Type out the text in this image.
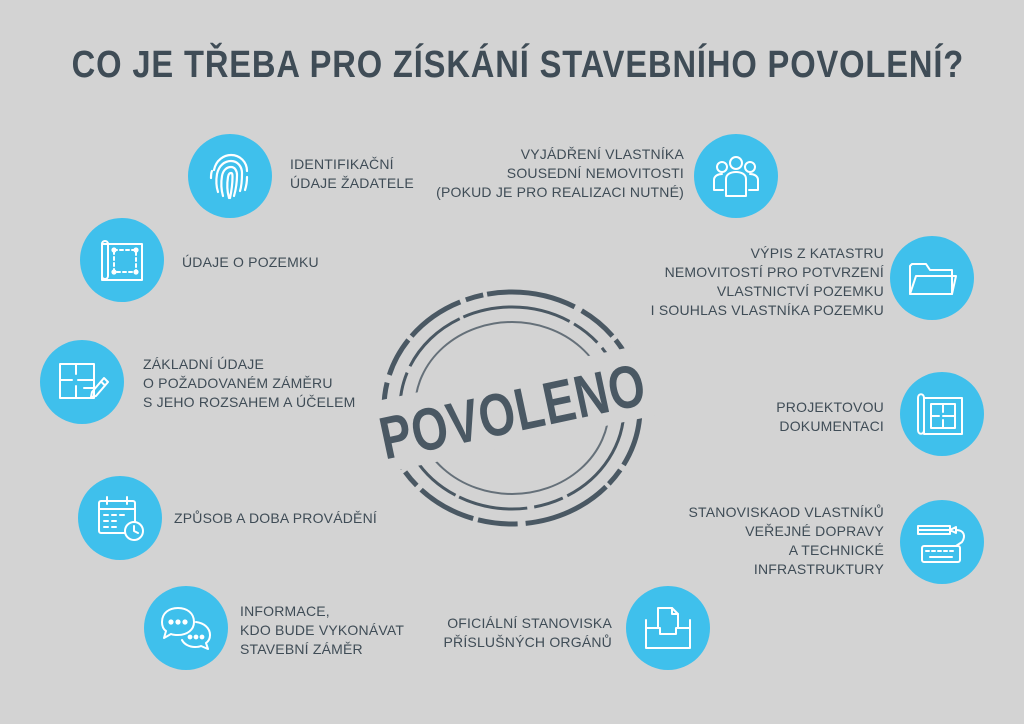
CO JE TŘEBA PRO ZÍSKÁNÍ STAVEBNÍHO POVOLENÍ?
POVOLENO
IDENTIFIKAČNÍ
ÚDAJE ŽADATELE
ÚDAJE O POZEMKU
ZÁKLADNÍ ÚDAJE
O POŽADOVANÉM ZÁMĚRU
S JEHO ROZSAHEM A ÚČELEM
ZPŮSOB A DOBA PROVÁDĚNÍ
INFORMACE,
KDO BUDE VYKONÁVAT
STAVEBNÍ ZÁMĚR
VYJÁDŘENÍ VLASTNÍKA
SOUSEDNÍ NEMOVITOSTI
(POKUD JE PRO REALIZACI NUTNÉ)
VÝPIS Z KATASTRU
NEMOVITOSTÍ PRO POTVRZENÍ
VLASTNICTVÍ POZEMKU
I SOUHLAS VLASTNÍKA POZEMKU
PROJEKTOVOU
DOKUMENTACI
STANOVISKAOD VLASTNÍKŮ
VEŘEJNÉ DOPRAVY
A TECHNICKÉ
INFRASTRUKTURY
OFICIÁLNÍ STANOVISKA
PŘÍSLUŠNÝCH ORGÁNŮ
